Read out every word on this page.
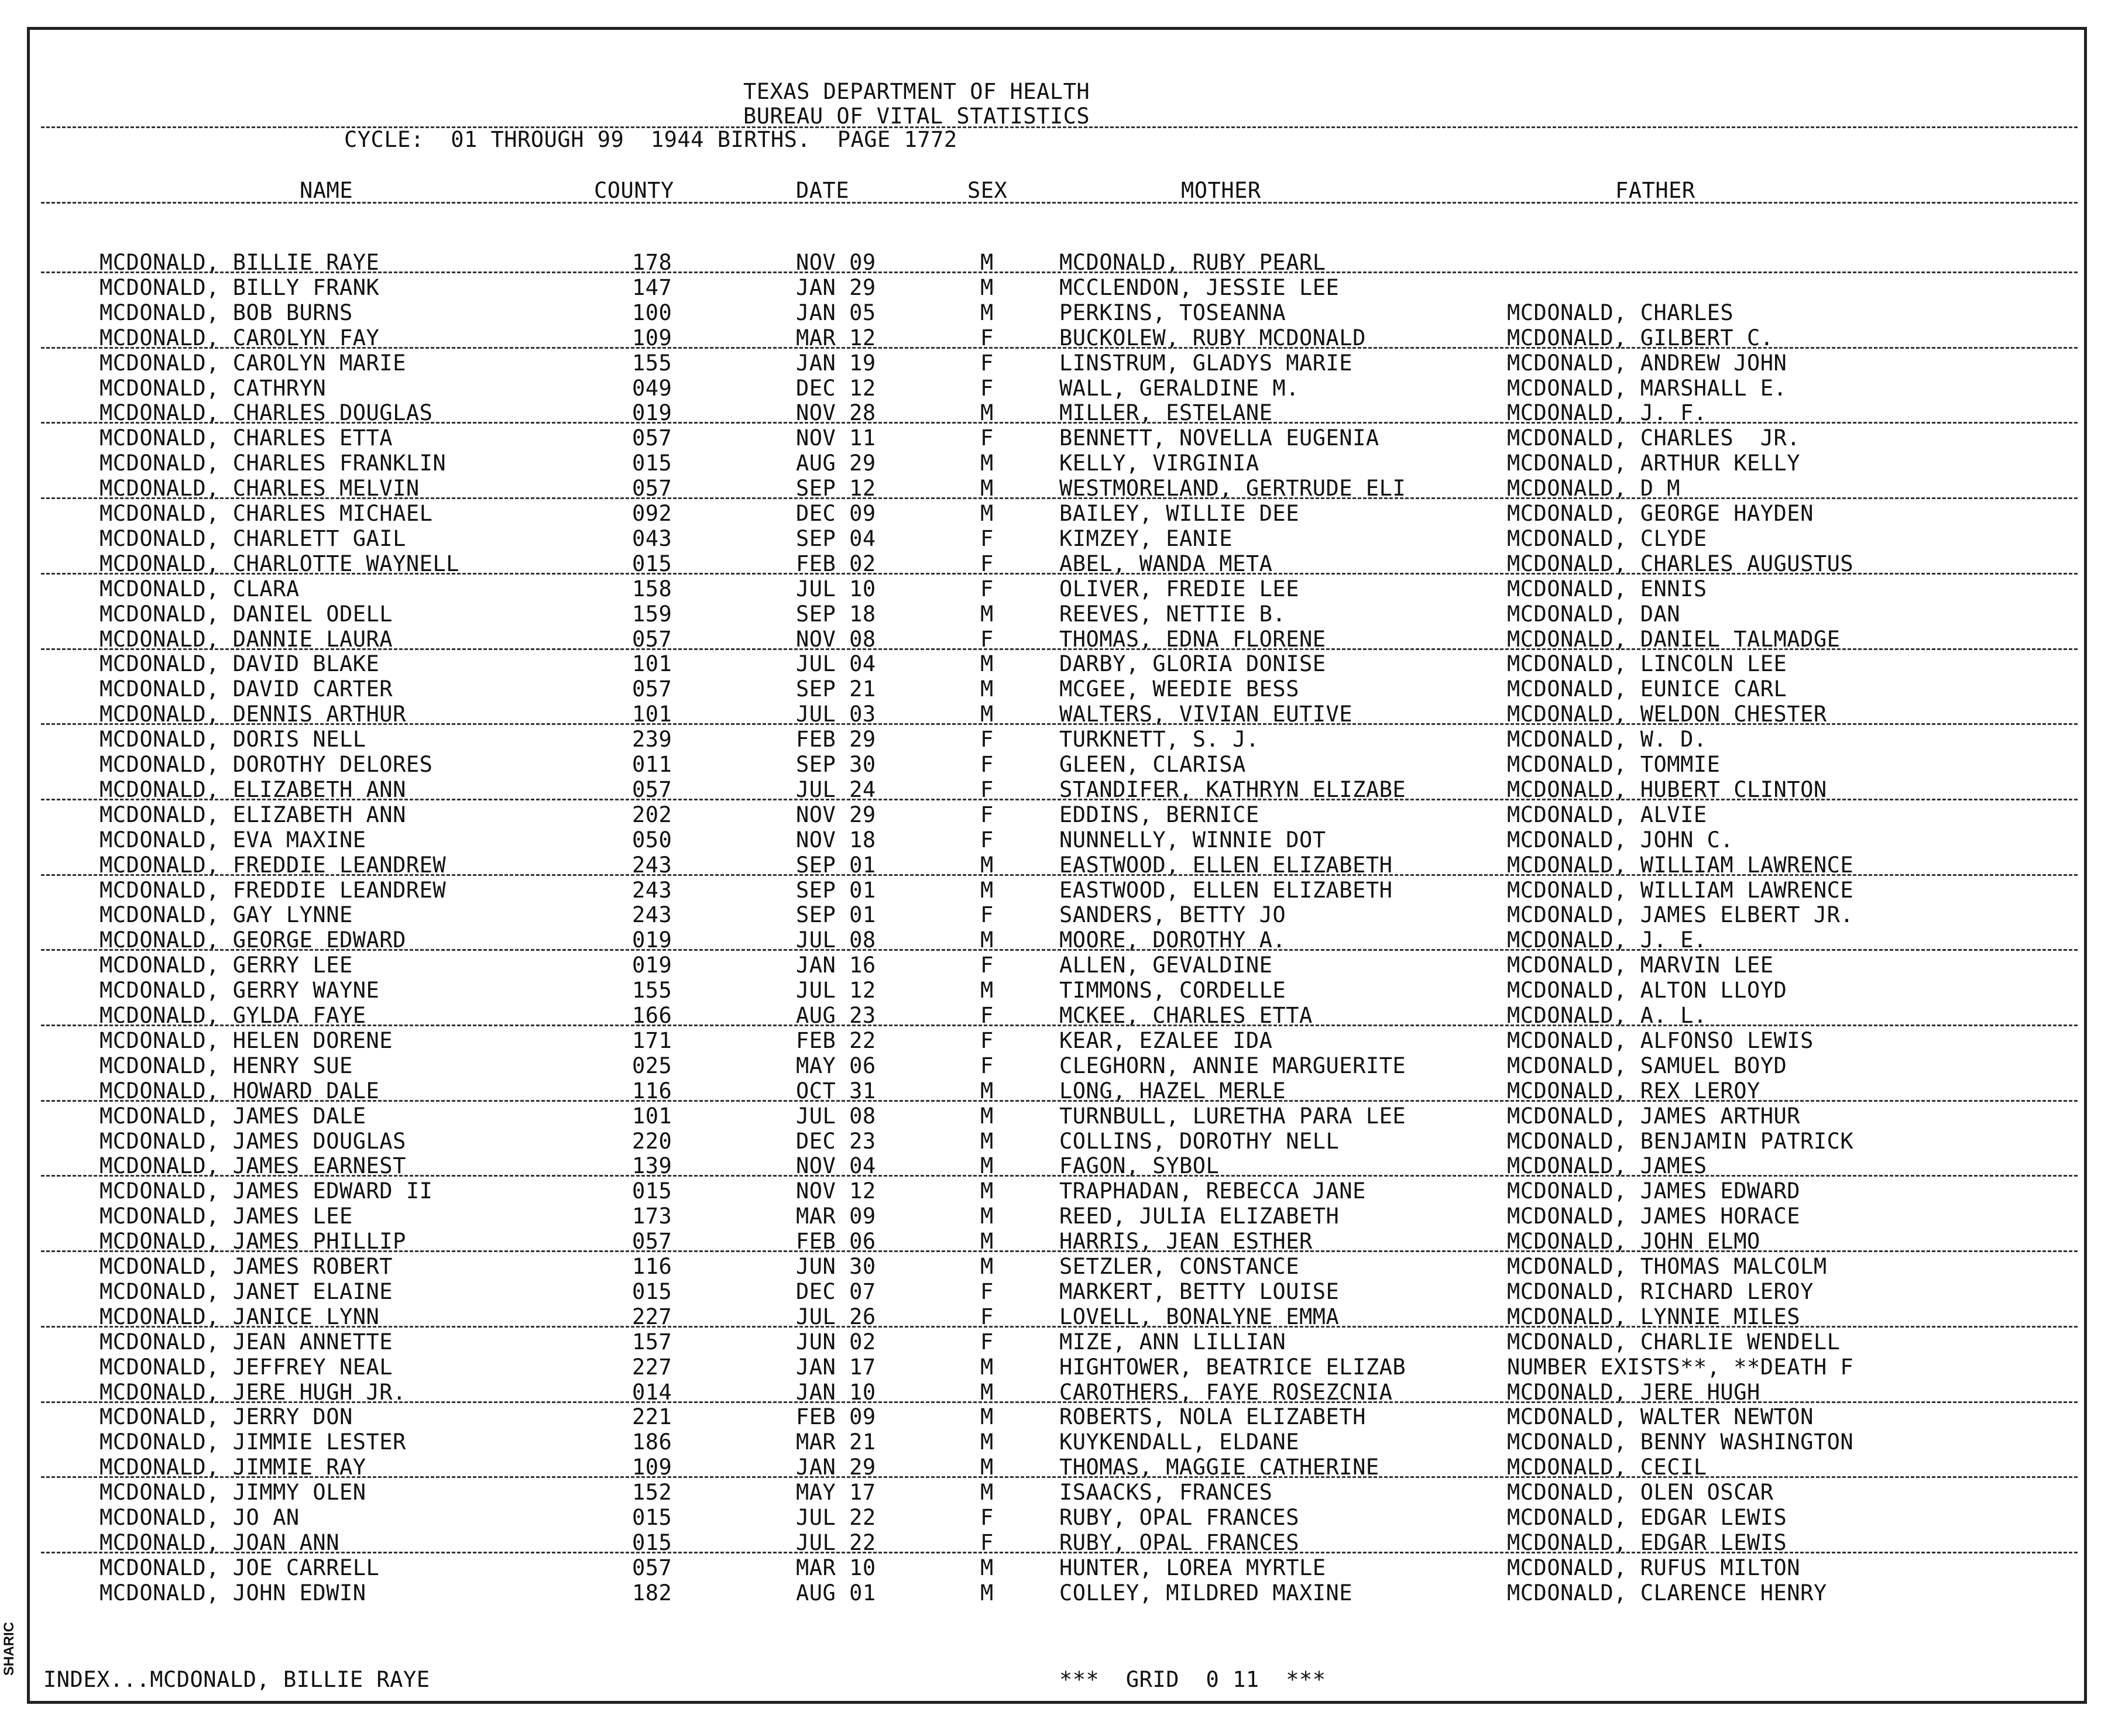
TEXAS DEPARTMENT OF HEALTH
BUREAU OF VITAL STATISTICS
CYCLE:  01 THROUGH 99  1944 BIRTHS.  PAGE 1772
NAME	COUNTY	DATE	SEX	MOTHER	FATHER
MCDONALD, BILLIE RAYE	178	NOV 09	M	MCDONALD, RUBY PEARL
MCDONALD, BILLY FRANK	147	JAN 29	M	MCCLENDON, JESSIE LEE
MCDONALD, BOB BURNS	100	JAN 05	M	PERKINS, TOSEANNA	MCDONALD, CHARLES
MCDONALD, CAROLYN FAY	109	MAR 12	F	BUCKOLEW, RUBY MCDONALD	MCDONALD, GILBERT C.
MCDONALD, CAROLYN MARIE	155	JAN 19	F	LINSTRUM, GLADYS MARIE	MCDONALD, ANDREW JOHN
MCDONALD, CATHRYN	049	DEC 12	F	WALL, GERALDINE M.	MCDONALD, MARSHALL E.
MCDONALD, CHARLES DOUGLAS	019	NOV 28	M	MILLER, ESTELANE	MCDONALD, J. F.
MCDONALD, CHARLES ETTA	057	NOV 11	F	BENNETT, NOVELLA EUGENIA	MCDONALD, CHARLES  JR.
MCDONALD, CHARLES FRANKLIN	015	AUG 29	M	KELLY, VIRGINIA	MCDONALD, ARTHUR KELLY
MCDONALD, CHARLES MELVIN	057	SEP 12	M	WESTMORELAND, GERTRUDE ELI	MCDONALD, D M
MCDONALD, CHARLES MICHAEL	092	DEC 09	M	BAILEY, WILLIE DEE	MCDONALD, GEORGE HAYDEN
MCDONALD, CHARLETT GAIL	043	SEP 04	F	KIMZEY, EANIE	MCDONALD, CLYDE
MCDONALD, CHARLOTTE WAYNELL	015	FEB 02	F	ABEL, WANDA META	MCDONALD, CHARLES AUGUSTUS
MCDONALD, CLARA	158	JUL 10	F	OLIVER, FREDIE LEE	MCDONALD, ENNIS
MCDONALD, DANIEL ODELL	159	SEP 18	M	REEVES, NETTIE B.	MCDONALD, DAN
MCDONALD, DANNIE LAURA	057	NOV 08	F	THOMAS, EDNA FLORENE	MCDONALD, DANIEL TALMADGE
MCDONALD, DAVID BLAKE	101	JUL 04	M	DARBY, GLORIA DONISE	MCDONALD, LINCOLN LEE
MCDONALD, DAVID CARTER	057	SEP 21	M	MCGEE, WEEDIE BESS	MCDONALD, EUNICE CARL
MCDONALD, DENNIS ARTHUR	101	JUL 03	M	WALTERS, VIVIAN EUTIVE	MCDONALD, WELDON CHESTER
MCDONALD, DORIS NELL	239	FEB 29	F	TURKNETT, S. J.	MCDONALD, W. D.
MCDONALD, DOROTHY DELORES	011	SEP 30	F	GLEEN, CLARISA	MCDONALD, TOMMIE
MCDONALD, ELIZABETH ANN	057	JUL 24	F	STANDIFER, KATHRYN ELIZABE	MCDONALD, HUBERT CLINTON
MCDONALD, ELIZABETH ANN	202	NOV 29	F	EDDINS, BERNICE	MCDONALD, ALVIE
MCDONALD, EVA MAXINE	050	NOV 18	F	NUNNELLY, WINNIE DOT	MCDONALD, JOHN C.
MCDONALD, FREDDIE LEANDREW	243	SEP 01	M	EASTWOOD, ELLEN ELIZABETH	MCDONALD, WILLIAM LAWRENCE
MCDONALD, FREDDIE LEANDREW	243	SEP 01	M	EASTWOOD, ELLEN ELIZABETH	MCDONALD, WILLIAM LAWRENCE
MCDONALD, GAY LYNNE	243	SEP 01	F	SANDERS, BETTY JO	MCDONALD, JAMES ELBERT JR.
MCDONALD, GEORGE EDWARD	019	JUL 08	M	MOORE, DOROTHY A.	MCDONALD, J. E.
MCDONALD, GERRY LEE	019	JAN 16	F	ALLEN, GEVALDINE	MCDONALD, MARVIN LEE
MCDONALD, GERRY WAYNE	155	JUL 12	M	TIMMONS, CORDELLE	MCDONALD, ALTON LLOYD
MCDONALD, GYLDA FAYE	166	AUG 23	F	MCKEE, CHARLES ETTA	MCDONALD, A. L.
MCDONALD, HELEN DORENE	171	FEB 22	F	KEAR, EZALEE IDA	MCDONALD, ALFONSO LEWIS
MCDONALD, HENRY SUE	025	MAY 06	F	CLEGHORN, ANNIE MARGUERITE	MCDONALD, SAMUEL BOYD
MCDONALD, HOWARD DALE	116	OCT 31	M	LONG, HAZEL MERLE	MCDONALD, REX LEROY
MCDONALD, JAMES DALE	101	JUL 08	M	TURNBULL, LURETHA PARA LEE	MCDONALD, JAMES ARTHUR
MCDONALD, JAMES DOUGLAS	220	DEC 23	M	COLLINS, DOROTHY NELL	MCDONALD, BENJAMIN PATRICK
MCDONALD, JAMES EARNEST	139	NOV 04	M	FAGON, SYBOL	MCDONALD, JAMES
MCDONALD, JAMES EDWARD II	015	NOV 12	M	TRAPHADAN, REBECCA JANE	MCDONALD, JAMES EDWARD
MCDONALD, JAMES LEE	173	MAR 09	M	REED, JULIA ELIZABETH	MCDONALD, JAMES HORACE
MCDONALD, JAMES PHILLIP	057	FEB 06	M	HARRIS, JEAN ESTHER	MCDONALD, JOHN ELMO
MCDONALD, JAMES ROBERT	116	JUN 30	M	SETZLER, CONSTANCE	MCDONALD, THOMAS MALCOLM
MCDONALD, JANET ELAINE	015	DEC 07	F	MARKERT, BETTY LOUISE	MCDONALD, RICHARD LEROY
MCDONALD, JANICE LYNN	227	JUL 26	F	LOVELL, BONALYNE EMMA	MCDONALD, LYNNIE MILES
MCDONALD, JEAN ANNETTE	157	JUN 02	F	MIZE, ANN LILLIAN	MCDONALD, CHARLIE WENDELL
MCDONALD, JEFFREY NEAL	227	JAN 17	M	HIGHTOWER, BEATRICE ELIZAB	NUMBER EXISTS**, **DEATH F
MCDONALD, JERE HUGH JR.	014	JAN 10	M	CAROTHERS, FAYE ROSEZCNIA	MCDONALD, JERE HUGH
MCDONALD, JERRY DON	221	FEB 09	M	ROBERTS, NOLA ELIZABETH	MCDONALD, WALTER NEWTON
MCDONALD, JIMMIE LESTER	186	MAR 21	M	KUYKENDALL, ELDANE	MCDONALD, BENNY WASHINGTON
MCDONALD, JIMMIE RAY	109	JAN 29	M	THOMAS, MAGGIE CATHERINE	MCDONALD, CECIL
MCDONALD, JIMMY OLEN	152	MAY 17	M	ISAACKS, FRANCES	MCDONALD, OLEN OSCAR
MCDONALD, JO AN	015	JUL 22	F	RUBY, OPAL FRANCES	MCDONALD, EDGAR LEWIS
MCDONALD, JOAN ANN	015	JUL 22	F	RUBY, OPAL FRANCES	MCDONALD, EDGAR LEWIS
MCDONALD, JOE CARRELL	057	MAR 10	M	HUNTER, LOREA MYRTLE	MCDONALD, RUFUS MILTON
MCDONALD, JOHN EDWIN	182	AUG 01	M	COLLEY, MILDRED MAXINE	MCDONALD, CLARENCE HENRY
INDEX...MCDONALD, BILLIE RAYE	***  GRID  0 11  ***
SHARIC
